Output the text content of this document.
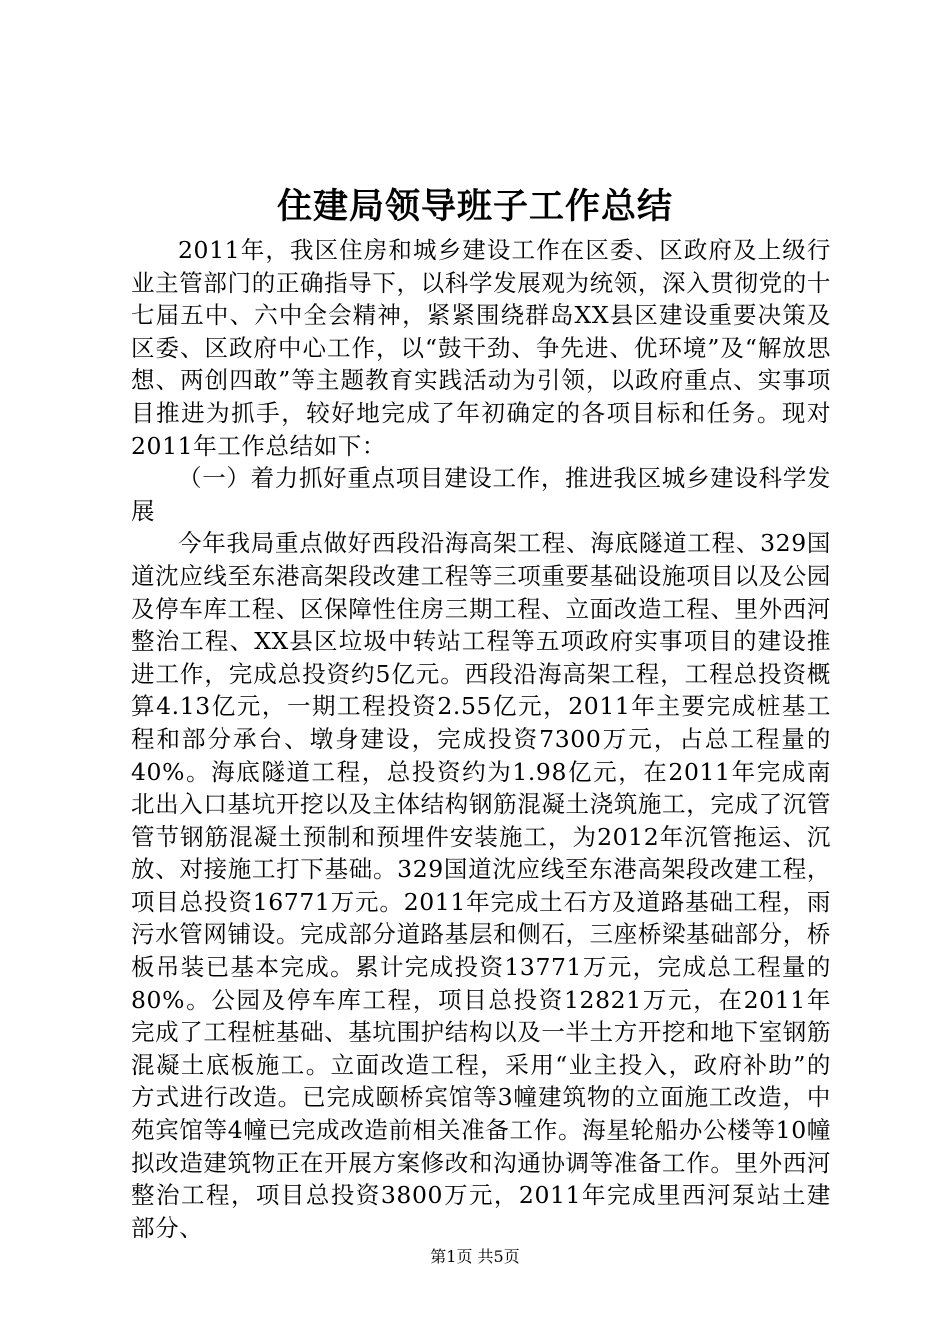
住建局领导班子工作总结

2011年，我区住房和城乡建设工作在区委、区政府及上级行业主管部门的正确指导下，以科学发展观为统领，深入贯彻党的十七届五中、六中全会精神，紧紧围绕群岛XX县区建设重要决策及区委、区政府中心工作，以“鼓干劲、争先进、优环境”及“解放思想、两创四敢”等主题教育实践活动为引领，以政府重点、实事项目推进为抓手，较好地完成了年初确定的各项目标和任务。现对2011年工作总结如下：

（一）着力抓好重点项目建设工作，推进我区城乡建设科学发展

今年我局重点做好西段沿海高架工程、海底隧道工程、329国道沈应线至东港高架段改建工程等三项重要基础设施项目以及公园及停车库工程、区保障性住房三期工程、立面改造工程、里外西河整治工程、XX县区垃圾中转站工程等五项政府实事项目的建设推进工作，完成总投资约5亿元。西段沿海高架工程，工程总投资概算4.13亿元，一期工程投资2.55亿元，2011年主要完成桩基工程和部分承台、墩身建设，完成投资7300万元，占总工程量的40%。海底隧道工程，总投资约为1.98亿元，在2011年完成南北出入口基坑开挖以及主体结构钢筋混凝土浇筑施工，完成了沉管管节钢筋混凝土预制和预埋件安装施工，为2012年沉管拖运、沉放、对接施工打下基础。329国道沈应线至东港高架段改建工程，项目总投资16771万元。2011年完成土石方及道路基础工程，雨污水管网铺设。完成部分道路基层和侧石，三座桥梁基础部分，桥板吊装已基本完成。累计完成投资13771万元，完成总工程量的80%。公园及停车库工程，项目总投资12821万元，在2011年完成了工程桩基础、基坑围护结构以及一半土方开挖和地下室钢筋混凝土底板施工。立面改造工程，采用“业主投入，政府补助”的方式进行改造。已完成颐桥宾馆等3幢建筑物的立面施工改造，中苑宾馆等4幢已完成改造前相关准备工作。海星轮船办公楼等10幢拟改造建筑物正在开展方案修改和沟通协调等准备工作。里外西河整治工程，项目总投资3800万元，2011年完成里西河泵站土建部分、

第1页 共5页
